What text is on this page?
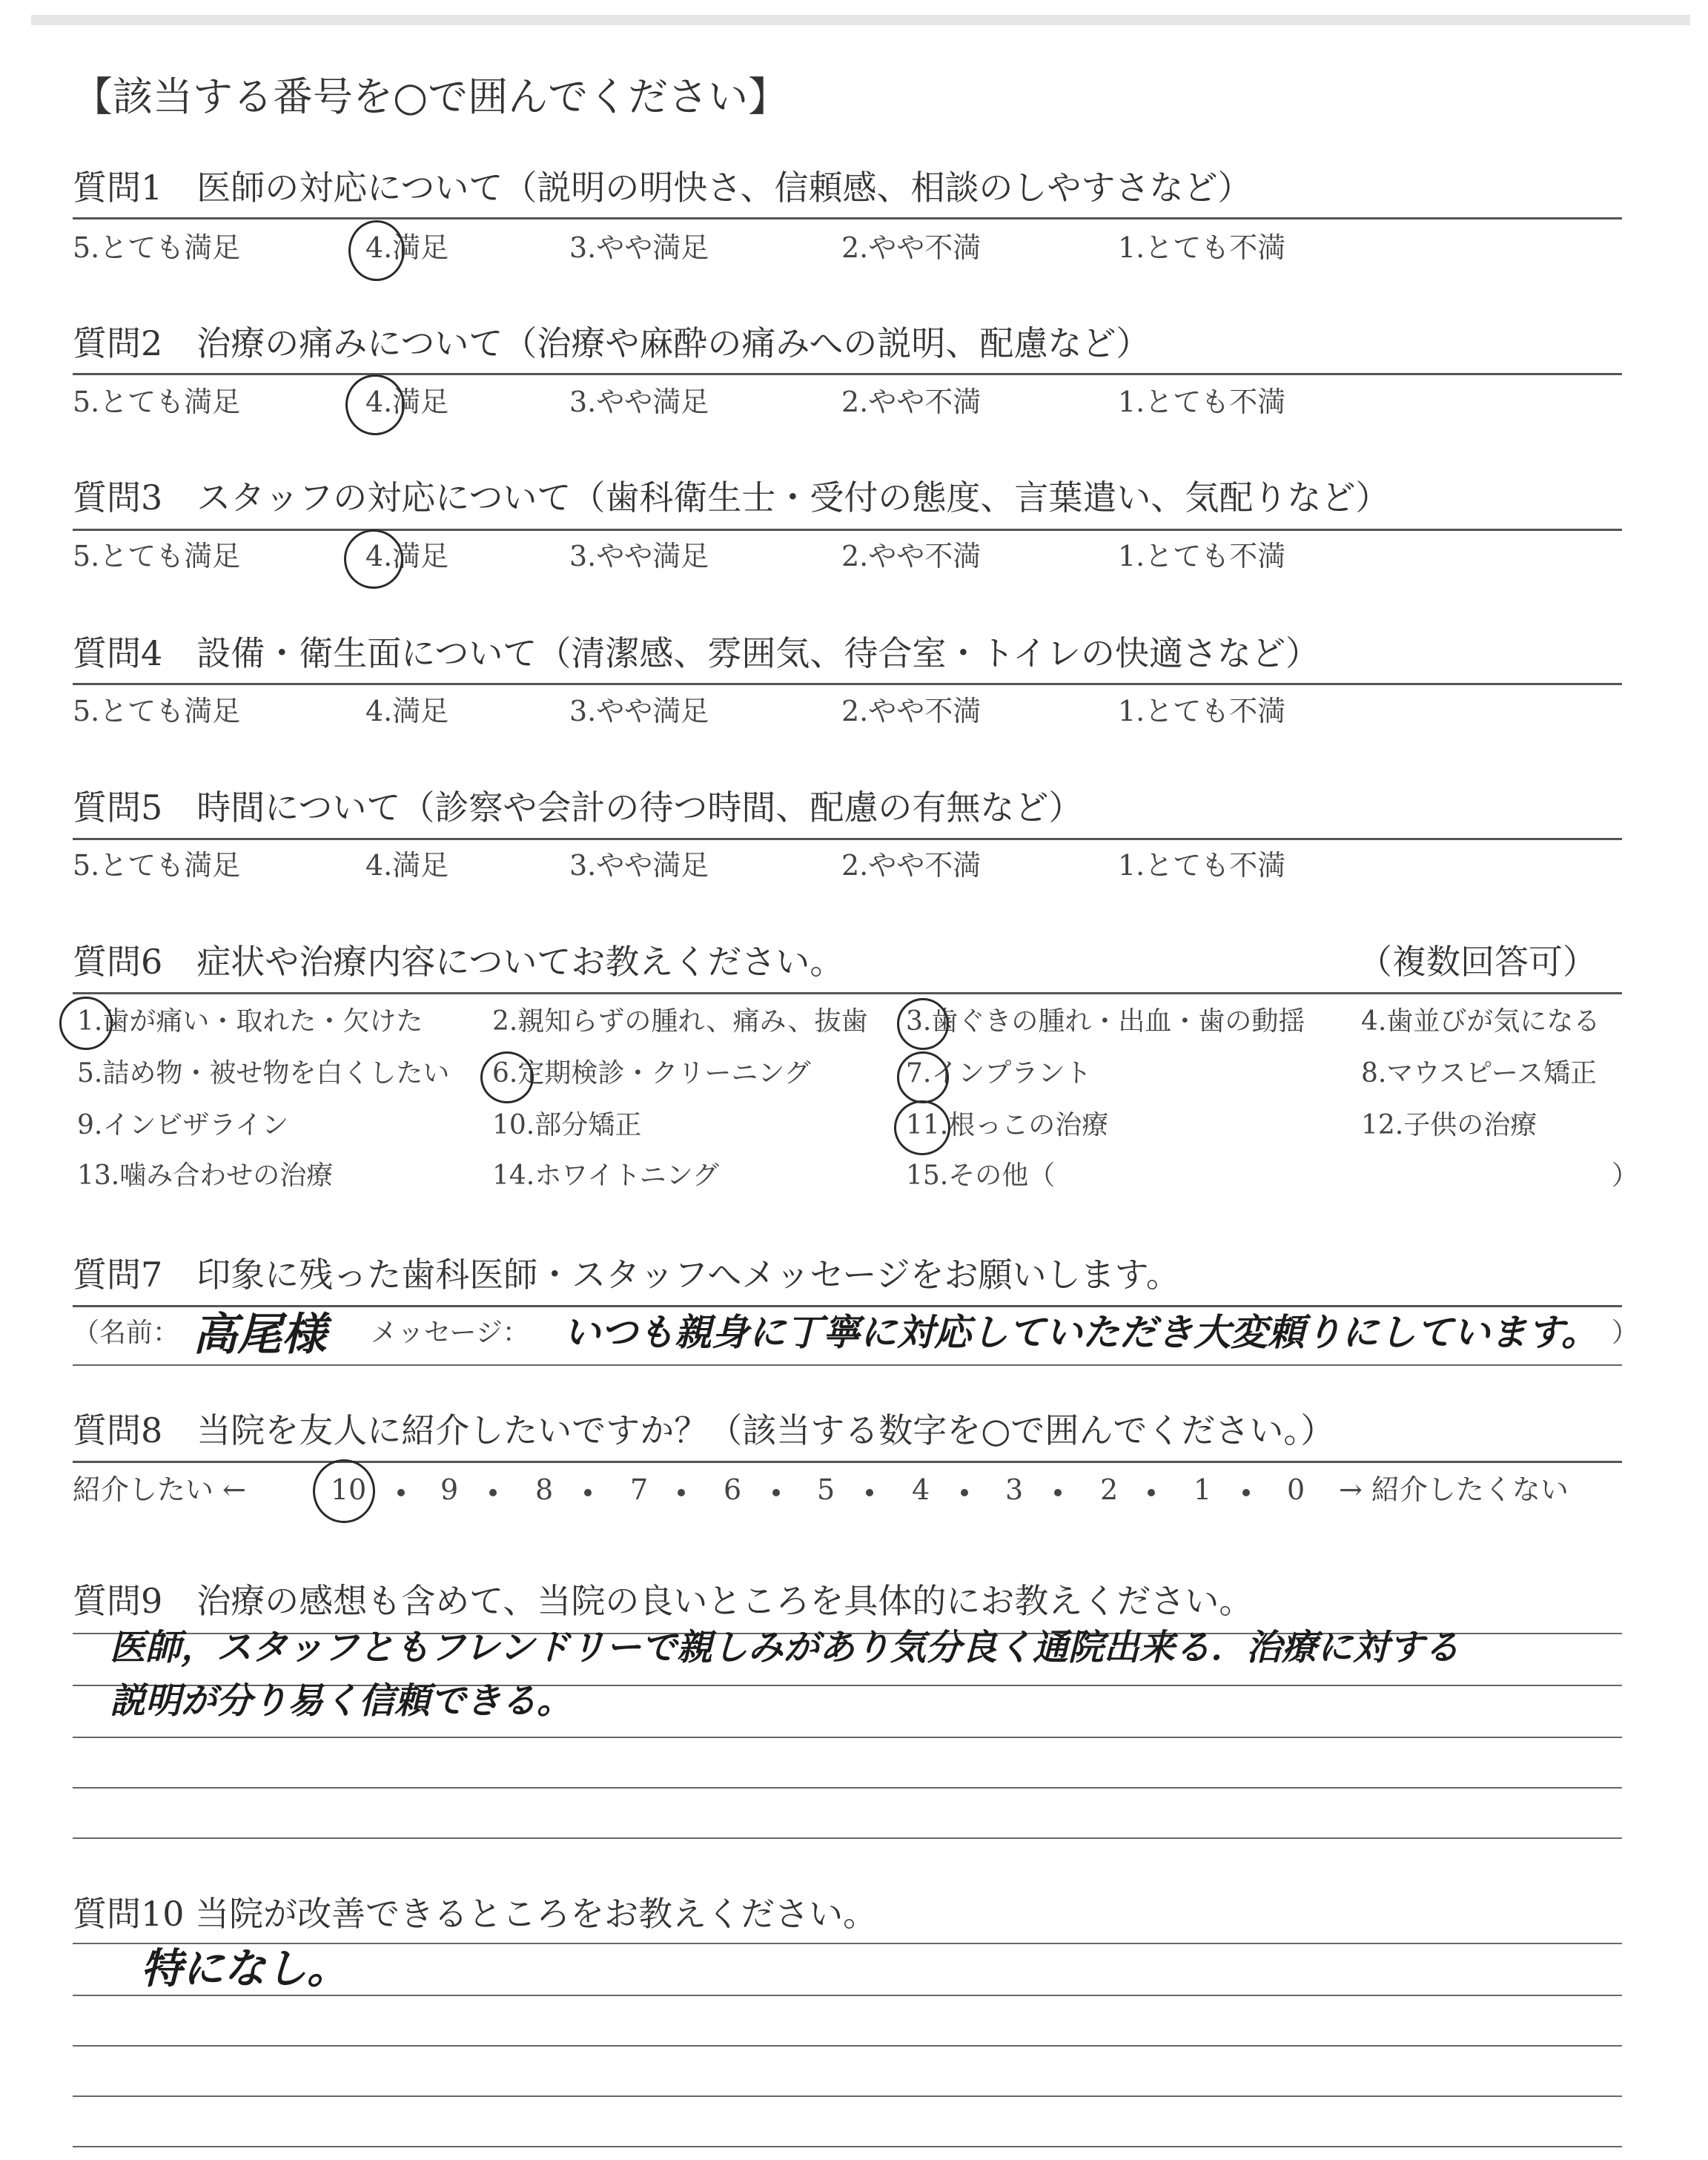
【該当する番号を○で囲んでください】
質問1　医師の対応について（説明の明快さ、信頼感、相談のしやすさなど）
5.とても満足	4.満足	3.やや満足	2.やや不満	1.とても不満
質問2　治療の痛みについて（治療や麻酔の痛みへの説明、配慮など）
5.とても満足	4.満足	3.やや満足	2.やや不満	1.とても不満
質問3　スタッフの対応について（歯科衛生士・受付の態度、言葉遣い、気配りなど）
5.とても満足	4.満足	3.やや満足	2.やや不満	1.とても不満
質問4　設備・衛生面について（清潔感、雰囲気、待合室・トイレの快適さなど）
5.とても満足	4.満足	3.やや満足	2.やや不満	1.とても不満
質問5　時間について（診察や会計の待つ時間、配慮の有無など）
5.とても満足	4.満足	3.やや満足	2.やや不満	1.とても不満
質問6　症状や治療内容についてお教えください。	（複数回答可）
1.歯が痛い・取れた・欠けた	2.親知らずの腫れ、痛み、抜歯 3.歯ぐきの腫れ・出血・歯の動揺 4.歯並びが気になる
5.詰め物・被せ物を白くしたい 6.定期検診・クリーニング	7.インプラント	8.マウスピース矯正
9.インビザライン	10.部分矯正	11.根っこの治療	12.子供の治療
13.噛み合わせの治療	14.ホワイトニング	15.その他（	）
質問7　印象に残った歯科医師・スタッフへメッセージをお願いします。
（名前： 高尾様 メッセージ： いつも親身に丁寧に対応していただき大変頼りにしています。 ）
質問8　当院を友人に紹介したいですか？（該当する数字を○で囲んでください。）
紹介したい ←	10	9	8	7	6	5	4	3	2	1	0 → 紹介したくない
質問9　治療の感想も含めて、当院の良いところを具体的にお教えください。
医師，スタッフともフレンドリーで親しみがあり気分良く通院出来る．治療に対する
説明が分り易く信頼できる。
質問10 当院が改善できるところをお教えください。
特になし。
